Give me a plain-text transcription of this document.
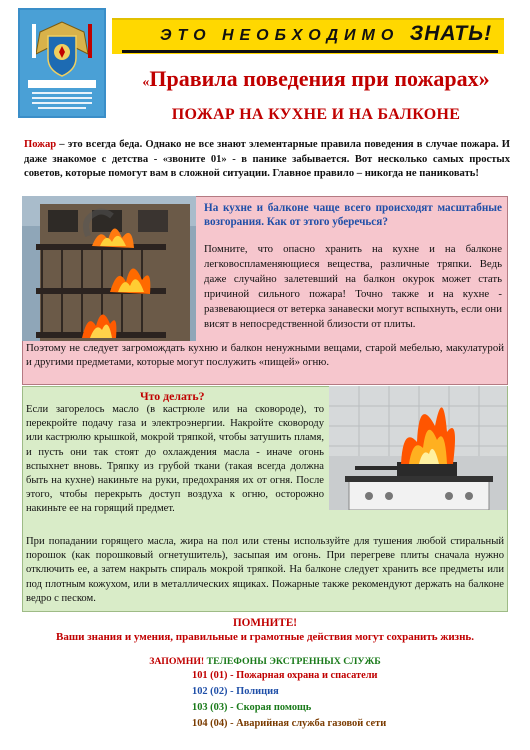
ЭТО НЕОБХОДИМО ЗНАТЬ!
«Правила поведения при пожарах»
ПОЖАР НА КУХНЕ И НА БАЛКОНЕ
Пожар – это всегда беда. Однако не все знают элементарные правила поведения в случае пожара. И даже знакомое с детства - «звоните 01» - в панике забывается. Вот несколько самых простых советов, которые помогут вам в сложной ситуации. Главное правило – никогда не паниковать!
На кухне и балконе чаще всего происходят масштабные возгорания. Как от этого уберечься?
Помните, что опасно хранить на кухне и на балконе легковоспламеняющиеся вещества, различные тряпки. Ведь даже случайно залетевший на балкон окурок может стать причиной сильного пожара! Точно также и на кухне - развевающиеся от ветерка занавески могут вспыхнуть, если они висят в непосредственной близости от плиты.
Поэтому не следует загромождать кухню и балкон ненужными вещами, старой мебелью, макулатурой и другими предметами, которые могут послужить «пищей» огню.
Что делать?
Если загорелось масло (в кастрюле или на сковороде), то перекройте подачу газа и электроэнергии. Накройте сковороду или кастрюлю крышкой, мокрой тряпкой, чтобы затушить пламя, и пусть они так стоят до охлаждения масла - иначе огонь вспыхнет вновь. Тряпку из грубой ткани (такая всегда должна быть на кухне) накиньте на руки, предохраняя их от огня. После этого, чтобы перекрыть доступ воздуха к огню, осторожно накиньте ее на горящий предмет.
При попадании горящего масла, жира на пол или стены используйте для тушения любой стиральный порошок (как порошковый огнетушитель), засыпая им огонь. При перегреве плиты сначала нужно отключить ее, а затем накрыть спираль мокрой тряпкой. На балконе следует хранить все предметы или под плотным кожухом, или в металлических ящиках. Пожарные также рекомендуют держать на балконе ведро с песком.
ПОМНИТЕ!
Ваши знания и умения, правильные и грамотные действия могут сохранить жизнь.
ЗАПОМНИ! ТЕЛЕФОНЫ ЭКСТРЕННЫХ СЛУЖБ
101 (01) - Пожарная охрана и спасатели
102 (02) - Полиция
103 (03) - Скорая помощь
104 (04) - Аварийная служба газовой сети
